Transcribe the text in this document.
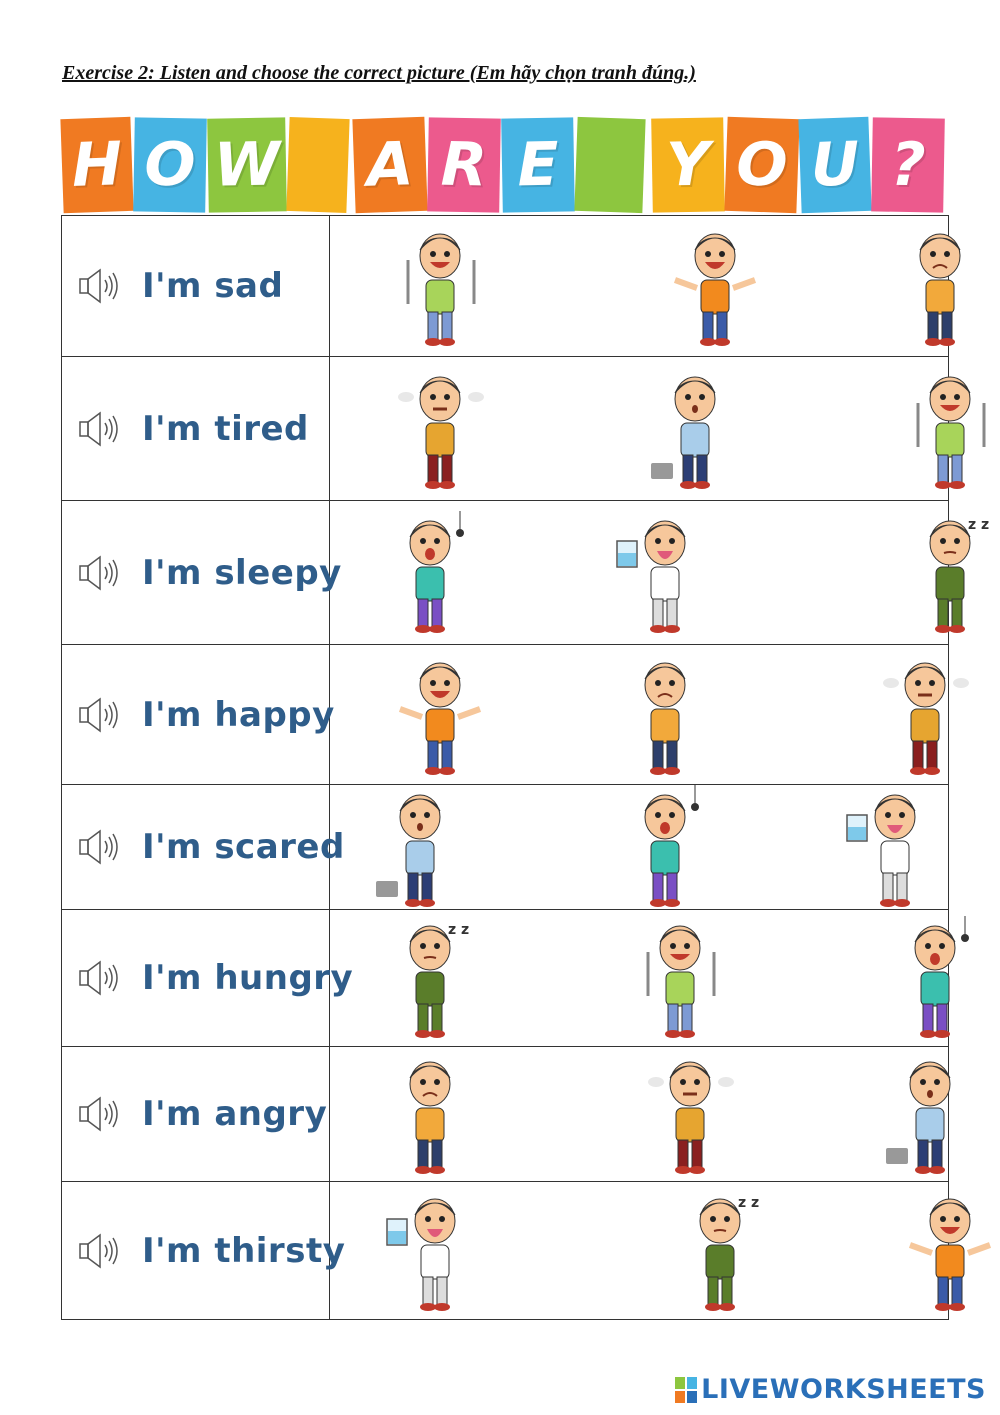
Exercise 2: Listen and choose the correct picture (Em hãy chọn tranh đúng.)
H O W A R E Y O U ?
I'm sad
I'm tired
I'm sleepy
z z
I'm happy
I'm scared
I'm hungry
z z
I'm angry
I'm thirsty
z z
LIVEWORKSHEETS
